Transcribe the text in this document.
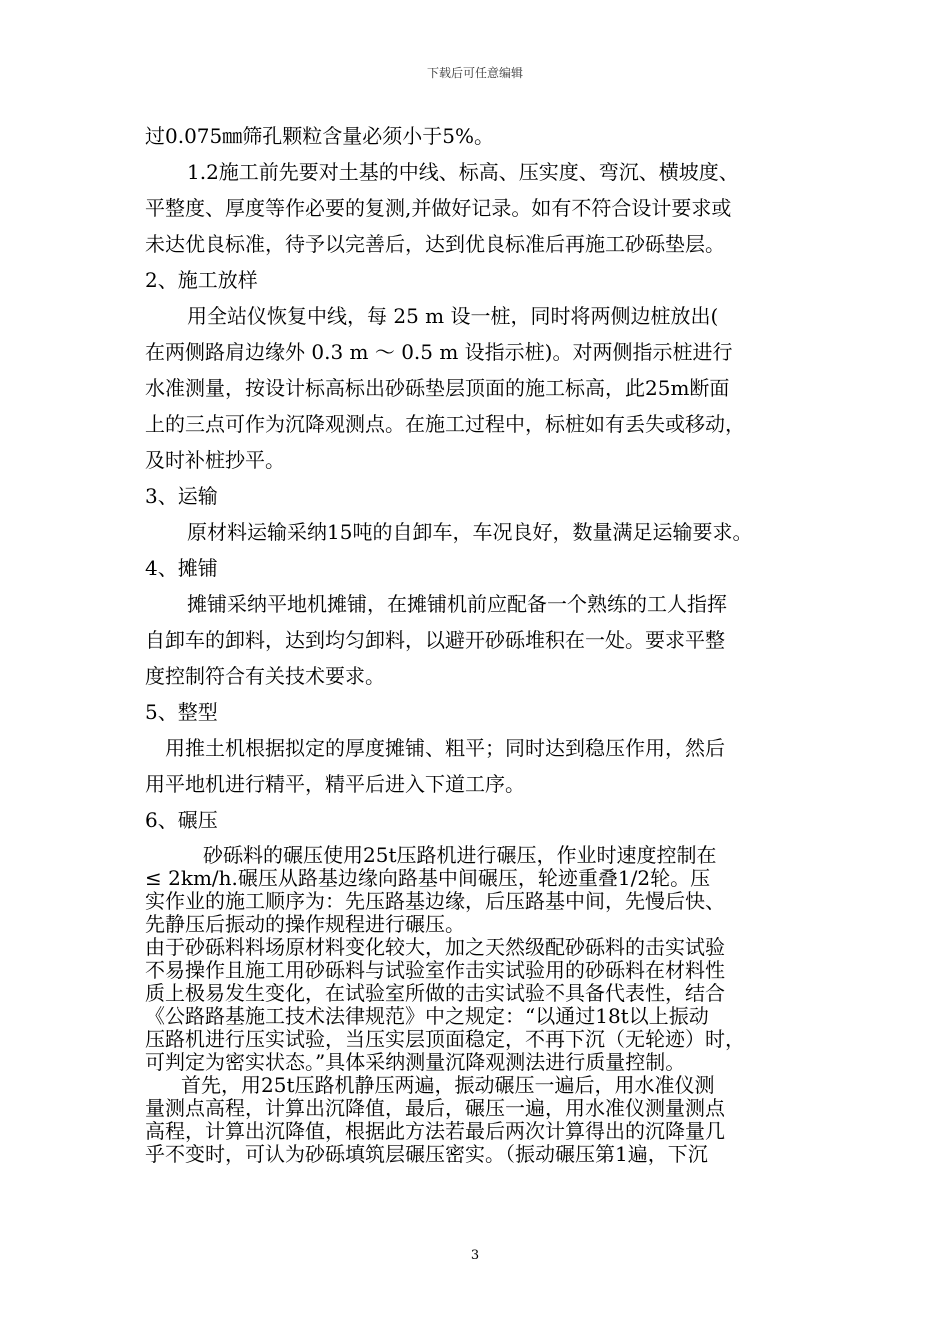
下载后可任意编辑

过0.075㎜筛孔颗粒含量必须小于5%。

1.2施工前先要对土基的中线、标高、压实度、弯沉、横坡度、

平整度、厚度等作必要的复测,并做好记录。如有不符合设计要求或

未达优良标准，待予以完善后，达到优良标准后再施工砂砾垫层。

2、施工放样

用全站仪恢复中线，每 25 m 设一桩，同时将两侧边桩放出(

在两侧路肩边缘外 0.3 m ～ 0.5 m 设指示桩)。对两侧指示桩进行

水准测量，按设计标高标出砂砾垫层顶面的施工标高，此25m断面

上的三点可作为沉降观测点。在施工过程中，标桩如有丢失或移动，

及时补桩抄平。

3、运输

原材料运输采纳15吨的自卸车，车况良好，数量满足运输要求。

4、摊铺

摊铺采纳平地机摊铺，在摊铺机前应配备一个熟练的工人指挥

自卸车的卸料，达到均匀卸料，以避开砂砾堆积在一处。要求平整

度控制符合有关技术要求。

5、整型

用推土机根据拟定的厚度摊铺、粗平；同时达到稳压作用，然后

用平地机进行精平，精平后进入下道工序。

6、碾压

砂砾料的碾压使用25t压路机进行碾压，作业时速度控制在

≤ 2km/h.碾压从路基边缘向路基中间碾压，轮迹重叠1/2轮。压

实作业的施工顺序为：先压路基边缘，后压路基中间，先慢后快、

先静压后振动的操作规程进行碾压。

由于砂砾料料场原材料变化较大，加之天然级配砂砾料的击实试验

不易操作且施工用砂砾料与试验室作击实试验用的砂砾料在材料性

质上极易发生变化，在试验室所做的击实试验不具备代表性，结合

《公路路基施工技术法律规范》中之规定：“以通过18t以上振动

压路机进行压实试验，当压实层顶面稳定，不再下沉（无轮迹）时，

可判定为密实状态。”具体采纳测量沉降观测法进行质量控制。

首先，用25t压路机静压两遍，振动碾压一遍后，用水准仪测

量测点高程，计算出沉降值，最后，碾压一遍，用水准仪测量测点

高程，计算出沉降值，根据此方法若最后两次计算得出的沉降量几

乎不变时，可认为砂砾填筑层碾压密实。（振动碾压第1遍，下沉

3
